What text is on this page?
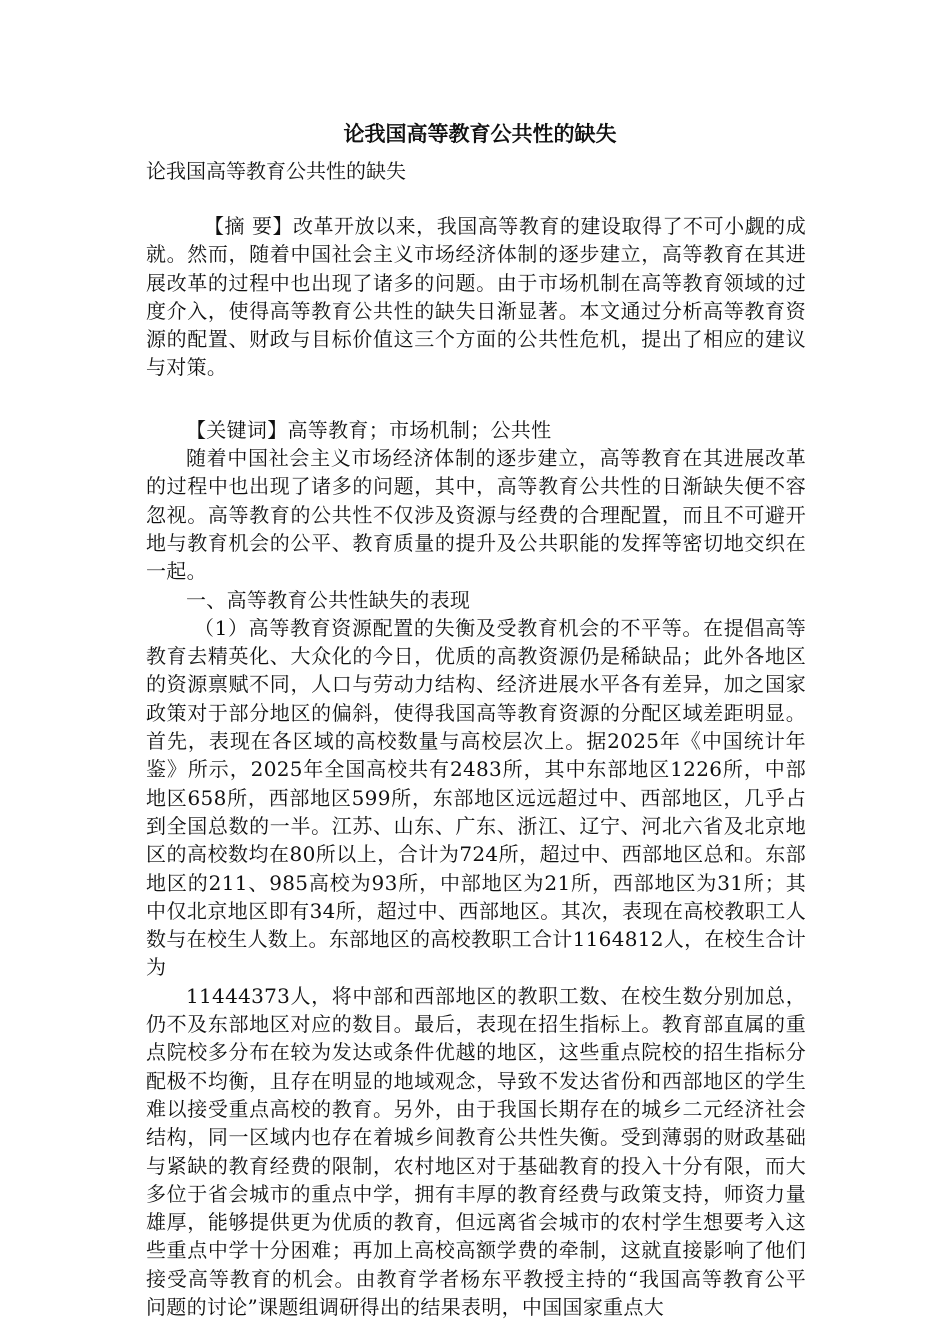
论我国高等教育公共性的缺失
论我国高等教育公共性的缺失

【摘 要】改革开放以来，我国高等教育的建设取得了不可小觑的成就。然而，随着中国社会主义市场经济体制的逐步建立，高等教育在其进展改革的过程中也出现了诸多的问题。由于市场机制在高等教育领域的过度介入，使得高等教育公共性的缺失日渐显著。本文通过分析高等教育资源的配置、财政与目标价值这三个方面的公共性危机，提出了相应的建议与对策。

【关键词】高等教育；市场机制；公共性

随着中国社会主义市场经济体制的逐步建立，高等教育在其进展改革的过程中也出现了诸多的问题，其中，高等教育公共性的日渐缺失便不容忽视。高等教育的公共性不仅涉及资源与经费的合理配置，而且不可避开地与教育机会的公平、教育质量的提升及公共职能的发挥等密切地交织在一起。

一、高等教育公共性缺失的表现

（1）高等教育资源配置的失衡及受教育机会的不平等。在提倡高等教育去精英化、大众化的今日，优质的高教资源仍是稀缺品；此外各地区的资源禀赋不同，人口与劳动力结构、经济进展水平各有差异，加之国家政策对于部分地区的偏斜，使得我国高等教育资源的分配区域差距明显。首先，表现在各区域的高校数量与高校层次上。据2025年《中国统计年鉴》所示，2025年全国高校共有2483所，其中东部地区1226所，中部地区658所，西部地区599所，东部地区远远超过中、西部地区，几乎占到全国总数的一半。江苏、山东、广东、浙江、辽宁、河北六省及北京地区的高校数均在80所以上，合计为724所，超过中、西部地区总和。东部地区的211、985高校为93所，中部地区为21所，西部地区为31所；其中仅北京地区即有34所，超过中、西部地区。其次，表现在高校教职工人数与在校生人数上。东部地区的高校教职工合计1164812人，在校生合计为

11444373人，将中部和西部地区的教职工数、在校生数分别加总，仍不及东部地区对应的数目。最后，表现在招生指标上。教育部直属的重点院校多分布在较为发达或条件优越的地区，这些重点院校的招生指标分配极不均衡，且存在明显的地域观念，导致不发达省份和西部地区的学生难以接受重点高校的教育。另外，由于我国长期存在的城乡二元经济社会结构，同一区域内也存在着城乡间教育公共性失衡。受到薄弱的财政基础与紧缺的教育经费的限制，农村地区对于基础教育的投入十分有限，而大多位于省会城市的重点中学，拥有丰厚的教育经费与政策支持，师资力量雄厚，能够提供更为优质的教育，但远离省会城市的农村学生想要考入这些重点中学十分困难；再加上高校高额学费的牵制，这就直接影响了他们接受高等教育的机会。由教育学者杨东平教授主持的“我国高等教育公平问题的讨论”课题组调研得出的结果表明，中国国家重点大
